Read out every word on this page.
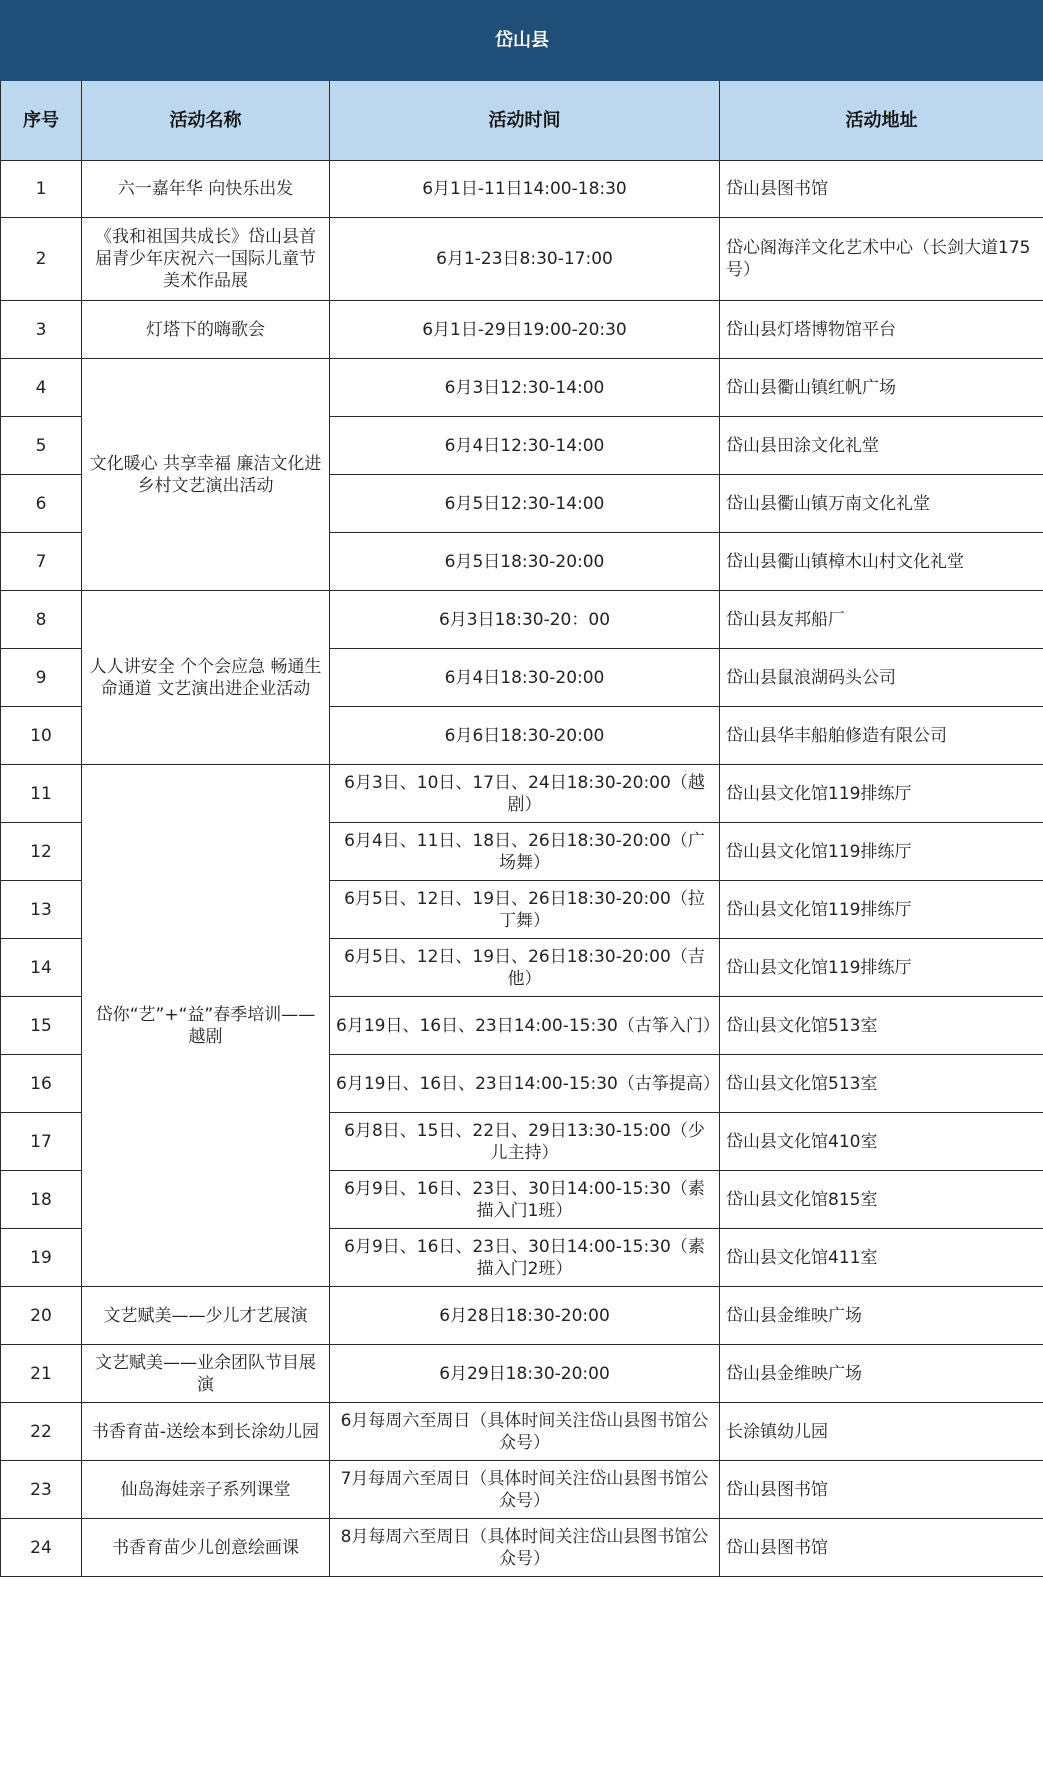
岱山县			
序号	活动名称	活动时间	活动地址
1	六一嘉年华 向快乐出发	6月1日-11日14:00-18:30	岱山县图书馆
2	《我和祖国共成长》岱山县首届青少年庆祝六一国际儿童节美术作品展	6月1-23日8:30-17:00	岱心阁海洋文化艺术中心（长剑大道175号）
3	灯塔下的嗨歌会	6月1日-29日19:00-20:30	岱山县灯塔博物馆平台
4	文化暖心 共享幸福 廉洁文化进乡村文艺演出活动	6月3日12:30-14:00	岱山县衢山镇红帆广场
5		6月4日12:30-14:00	岱山县田涂文化礼堂
6		6月5日12:30-14:00	岱山县衢山镇万南文化礼堂
7		6月5日18:30-20:00	岱山县衢山镇樟木山村文化礼堂
8	人人讲安全 个个会应急 畅通生命通道 文艺演出进企业活动	6月3日18:30-20：00	岱山县友邦船厂
9		6月4日18:30-20:00	岱山县鼠浪湖码头公司
10		6月6日18:30-20:00	岱山县华丰船舶修造有限公司
11	岱你“艺”+“益”春季培训——越剧	6月3日、10日、17日、24日18:30-20:00（越剧）	岱山县文化馆119排练厅
12		6月4日、11日、18日、26日18:30-20:00（广场舞）	岱山县文化馆119排练厅
13		6月5日、12日、19日、26日18:30-20:00（拉丁舞）	岱山县文化馆119排练厅
14		6月5日、12日、19日、26日18:30-20:00（吉他）	岱山县文化馆119排练厅
15		6月19日、16日、23日14:00-15:30（古筝入门）	岱山县文化馆513室
16		6月19日、16日、23日14:00-15:30（古筝提高）	岱山县文化馆513室
17		6月8日、15日、22日、29日13:30-15:00（少儿主持）	岱山县文化馆410室
18		6月9日、16日、23日、30日14:00-15:30（素描入门1班）	岱山县文化馆815室
19		6月9日、16日、23日、30日14:00-15:30（素描入门2班）	岱山县文化馆411室
20	文艺赋美——少儿才艺展演	6月28日18:30-20:00	岱山县金维映广场
21	文艺赋美——业余团队节目展演	6月29日18:30-20:00	岱山县金维映广场
22	书香育苗-送绘本到长涂幼儿园	6月每周六至周日（具体时间关注岱山县图书馆公众号）	长涂镇幼儿园
23	仙岛海娃亲子系列课堂	7月每周六至周日（具体时间关注岱山县图书馆公众号）	岱山县图书馆
24	书香育苗少儿创意绘画课	8月每周六至周日（具体时间关注岱山县图书馆公众号）	岱山县图书馆
